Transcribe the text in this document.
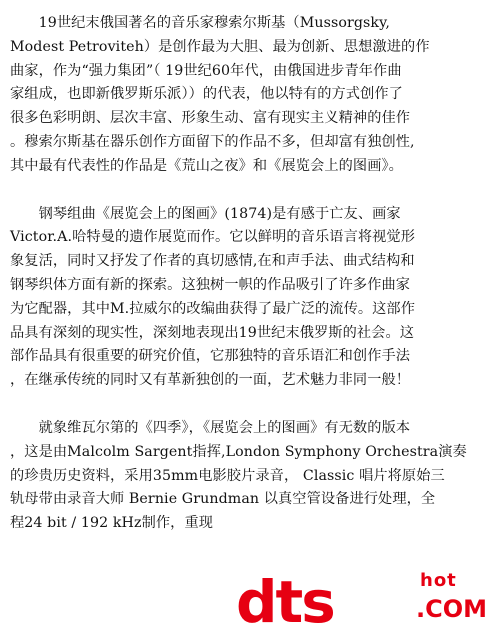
　　19世纪末俄国著名的音乐家穆索尔斯基（Mussorgsky,
Modest Petroviteh）是创作最为大胆、最为创新、思想激进的作
曲家，作为“强力集团”（ 19世纪60年代，由俄国进步青年作曲
家组成，也即新俄罗斯乐派））的代表，他以特有的方式创作了
很多色彩明朗、层次丰富、形象生动、富有现实主义精神的佳作
。穆索尔斯基在器乐创作方面留下的作品不多，但却富有独创性,
其中最有代表性的作品是《荒山之夜》和《展览会上的图画》。

　　钢琴组曲《展览会上的图画》(1874)是有感于亡友、画家
Victor.A.哈特曼的遗作展览而作。它以鲜明的音乐语言将视觉形
象复活，同时又抒发了作者的真切感情,在和声手法、曲式结构和
钢琴织体方面有新的探索。这独树一帜的作品吸引了许多作曲家
为它配器，其中M.拉威尔的改编曲获得了最广泛的流传。这部作
品具有深刻的现实性，深刻地表现出19世纪末俄罗斯的社会。这
部作品具有很重要的研究价值，它那独特的音乐语汇和创作手法
，在继承传统的同时又有革新独创的一面，艺术魅力非同一般！

　　就象维瓦尔第的《四季》，《展览会上的图画》有无数的版本
，这是由Malcolm Sargent指挥,London Symphony Orchestra演奏
的珍贵历史资料，采用35mm电影胶片录音， Classic 唱片将原始三
轨母带由录音大师 Bernie Grundman 以真空管设备进行处理，全
程24 bit / 192 kHz制作，重现

dts	hot
.COM
